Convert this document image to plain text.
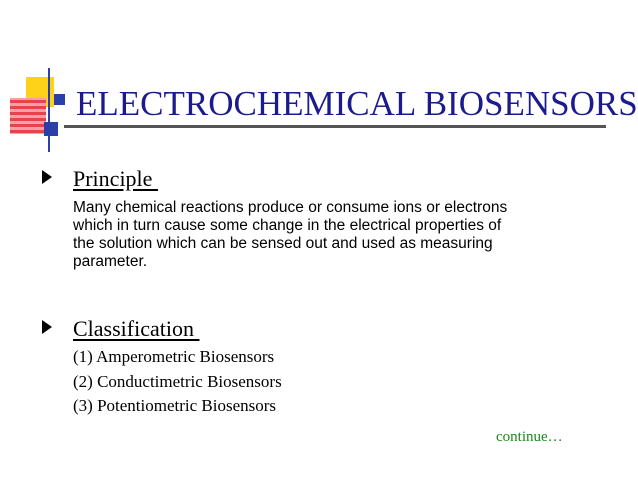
ELECTROCHEMICAL BIOSENSORS
Principle
Many chemical reactions produce or consume ions or electrons
which in turn cause some change in the electrical properties of
the solution which can be sensed out and used as measuring
parameter.
Classification
(1) Amperometric Biosensors
(2) Conductimetric Biosensors
(3) Potentiometric Biosensors
continue…
